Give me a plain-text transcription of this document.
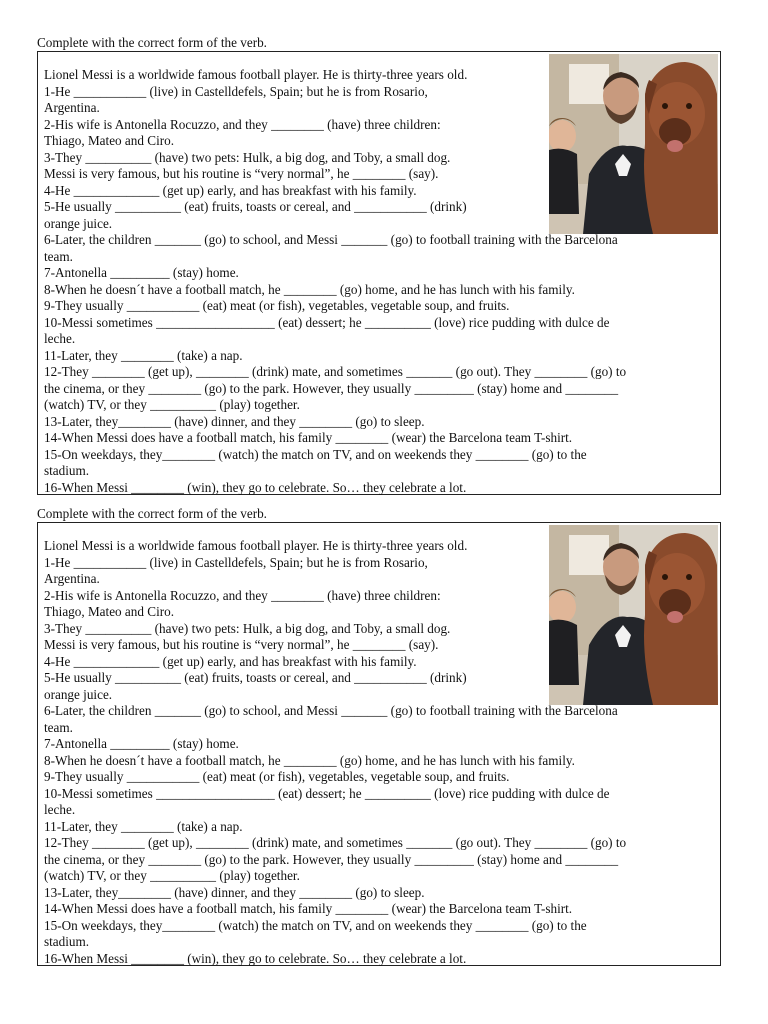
Complete with the correct form of the verb.
Lionel Messi is a worldwide famous football player. He is thirty-three years old.
1-He ___________ (live) in Castelldefels, Spain; but he is from Rosario,
Argentina.
2-His wife is Antonella Rocuzzo, and they ________ (have) three children:
Thiago, Mateo and Ciro.
3-They __________ (have) two pets: Hulk, a big dog, and Toby, a small dog.
Messi is very famous, but his routine is “very normal”, he ________ (say).
4-He _____________ (get up) early, and has breakfast with his family.
5-He usually __________ (eat) fruits, toasts or cereal, and ___________ (drink)
orange juice.
6-Later, the children _______ (go) to school, and Messi _______ (go) to football training with the Barcelona
team.
7-Antonella _________ (stay) home.
8-When he doesn´t have a football match, he ________ (go) home, and he has lunch with his family.
9-They usually ___________ (eat) meat (or fish), vegetables, vegetable soup, and fruits.
10-Messi sometimes __________________ (eat) dessert; he __________ (love) rice pudding with dulce de
leche.
11-Later, they ________ (take) a nap.
12-They ________ (get up), ________ (drink) mate, and sometimes _______ (go out). They ________ (go) to
the cinema, or they ________ (go) to the park. However, they usually _________ (stay) home and ________
(watch) TV, or they __________ (play) together.
13-Later, they________ (have) dinner, and they ________ (go) to sleep.
14-When Messi does have a football match, his family ________ (wear) the Barcelona team T-shirt.
15-On weekdays, they________ (watch) the match on TV, and on weekends they ________ (go) to the
stadium.
16-When Messi ________ (win), they go to celebrate. So… they celebrate a lot.
Complete with the correct form of the verb.
Lionel Messi is a worldwide famous football player. He is thirty-three years old.
1-He ___________ (live) in Castelldefels, Spain; but he is from Rosario,
Argentina.
2-His wife is Antonella Rocuzzo, and they ________ (have) three children:
Thiago, Mateo and Ciro.
3-They __________ (have) two pets: Hulk, a big dog, and Toby, a small dog.
Messi is very famous, but his routine is “very normal”, he ________ (say).
4-He _____________ (get up) early, and has breakfast with his family.
5-He usually __________ (eat) fruits, toasts or cereal, and ___________ (drink)
orange juice.
6-Later, the children _______ (go) to school, and Messi _______ (go) to football training with the Barcelona
team.
7-Antonella _________ (stay) home.
8-When he doesn´t have a football match, he ________ (go) home, and he has lunch with his family.
9-They usually ___________ (eat) meat (or fish), vegetables, vegetable soup, and fruits.
10-Messi sometimes __________________ (eat) dessert; he __________ (love) rice pudding with dulce de
leche.
11-Later, they ________ (take) a nap.
12-They ________ (get up), ________ (drink) mate, and sometimes _______ (go out). They ________ (go) to
the cinema, or they ________ (go) to the park. However, they usually _________ (stay) home and ________
(watch) TV, or they __________ (play) together.
13-Later, they________ (have) dinner, and they ________ (go) to sleep.
14-When Messi does have a football match, his family ________ (wear) the Barcelona team T-shirt.
15-On weekdays, they________ (watch) the match on TV, and on weekends they ________ (go) to the
stadium.
16-When Messi ________ (win), they go to celebrate. So… they celebrate a lot.
